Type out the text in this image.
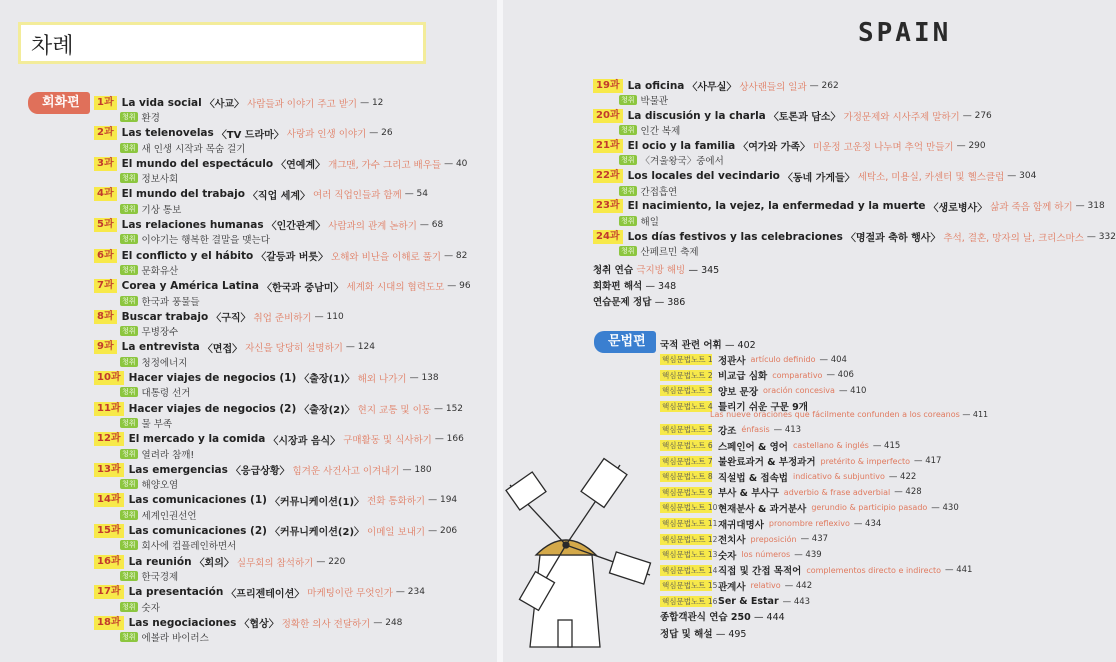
차례
회화편	1과 La vida social 〈사교〉 사람들과 이야기 주고 받기 — 12
청취 환경
2과 Las telenovelas 〈TV 드라마〉 사랑과 인생 이야기 — 26
청취 새 인생 시작과 목숨 걸기
3과 El mundo del espectáculo 〈연예계〉 개그맨, 가수 그리고 배우들 — 40
청취 정보사회
4과 El mundo del trabajo 〈직업 세계〉 여러 직업인들과 함께 — 54
청취 기상 통보
5과 Las relaciones humanas 〈인간관계〉 사람과의 관계 논하기 — 68
청취 이야기는 행복한 결말을 맺는다
6과 El conflicto y el hábito 〈갈등과 버릇〉 오해와 비난을 이해로 풀기 — 82
청취 문화유산
7과 Corea y América Latina 〈한국과 중남미〉 세계화 시대의 협력도모 — 96
청취 한국과 풍물들
8과 Buscar trabajo 〈구직〉 취업 준비하기 — 110
청취 무병장수
9과 La entrevista 〈면접〉 자신을 당당히 설명하기 — 124
청취 청정에너지
10과 Hacer viajes de negocios (1) 〈출장(1)〉 해외 나가기 — 138
청취 대통령 선거
11과 Hacer viajes de negocios (2) 〈출장(2)〉 현지 교통 및 이동 — 152
청취 물 부족
12과 El mercado y la comida 〈시장과 음식〉 구매활동 및 식사하기 — 166
청취 열려라 참깨!
13과 Las emergencias 〈응급상황〉 힘겨운 사건사고 이겨내기 — 180
청취 해양오염
14과 Las comunicaciones (1) 〈커뮤니케이션(1)〉 전화 통화하기 — 194
청취 세계인권선언
15과 Las comunicaciones (2) 〈커뮤니케이션(2)〉 이메일 보내기 — 206
청취 회사에 컴플레인하면서
16과 La reunión 〈회의〉 실무회의 참석하기 — 220
청취 한국경제
17과 La presentación 〈프리젠테이션〉 마케팅이란 무엇인가 — 234
청취 숫자
18과 Las negociaciones 〈협상〉 정확한 의사 전달하기 — 248
청취 에볼라 바이러스
19과 La oficina 〈사무실〉 상사랜들의 일과 — 262
청취 박물관
20과 La discusión y la charla 〈토론과 담소〉 가정문제와 시사주제 말하기 — 276
청취 인간 복제
21과 El ocio y la familia 〈여가와 가족〉 미운정 고운정 나누며 추억 만들기 — 290
청취 〈겨울왕국〉중에서
22과 Los locales del vecindario 〈동네 가게들〉 세탁소, 미용실, 카센터 및 헬스클럽 — 304
청취 간접흡연
23과 El nacimiento, la vejez, la enfermedad y la muerte 〈생로병사〉 삶과 죽음 함께 하기 — 318
청취 해일
24과 Los días festivos y las celebraciones 〈명절과 축하 행사〉 추석, 결혼, 망자의 날, 크리스마스 — 332
청취 산페르민 축제
청취 연습 극지방 해빙 — 345
회화편 해석 — 348
연습문제 정답 — 386
문법편	국적 관련 어휘 — 402
핵심문법노트 1 정관사 artículo definido — 404
핵심문법노트 2 비교급 심화 comparativo — 406
핵심문법노트 3 양보 문장 oración concesiva — 410
핵심문법노트 4 틀리기 쉬운 구문 9개
핵심문법노트 5 강조 énfasis — 413
핵심문법노트 6 스페인어 & 영어 castellano & inglés — 415
핵심문법노트 7 불완료과거 & 부정과거 pretérito & imperfecto — 417
핵심문법노트 8 직설법 & 접속법 indicativo & subjuntivo — 422
핵심문법노트 9 부사 & 부사구 adverbio & frase adverbial — 428
핵심문법노트 10 현재분사 & 과거분사 gerundio & participio pasado — 430
핵심문법노트 11 재귀대명사 pronombre reflexivo — 434
핵심문법노트 12 전치사 preposición — 437
핵심문법노트 13 숫자 los números — 439
핵심문법노트 14 직접 및 간접 목적어 complementos directo e indirecto — 441
핵심문법노트 15 관계사 relativo — 442
핵심문법노트 16 Ser & Estar — 443
Las nueve oraciones que fácilmente confunden a los coreanos — 411
종합객관식 연습 250 — 444
정답 및 해설 — 495
SPAIN
